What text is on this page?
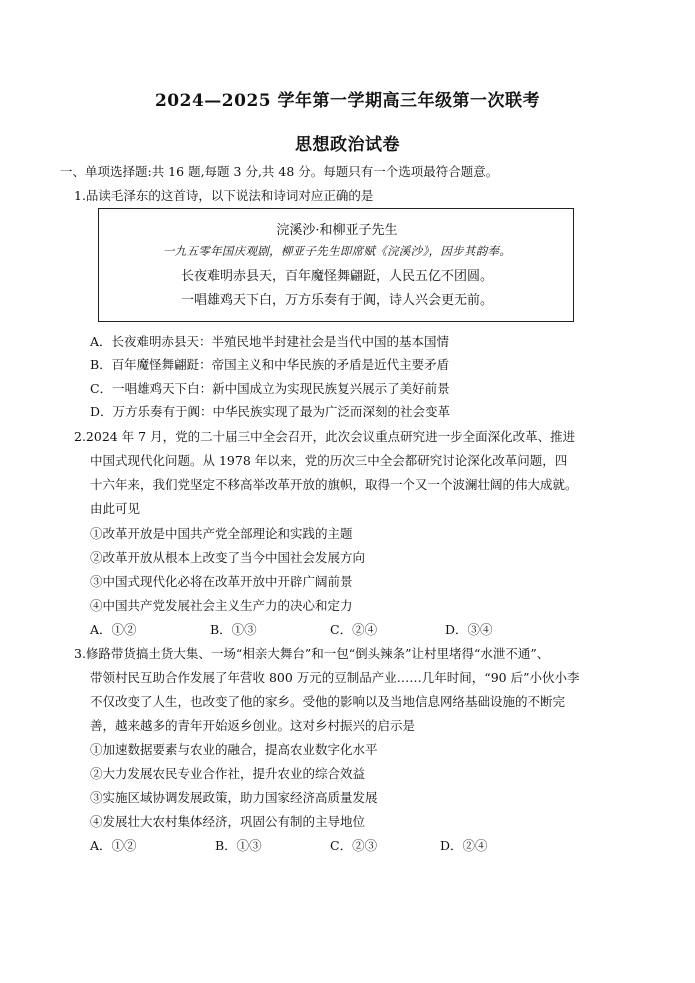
2024—2025 学年第一学期高三年级第一次联考
思想政治试卷
一、单项选择题:共 16 题,每题 3 分,共 48 分。每题只有一个选项最符合题意。
1.品读毛泽东的这首诗，以下说法和诗词对应正确的是
浣溪沙·和柳亚子先生
一九五零年国庆观剧，柳亚子先生即席赋《浣溪沙》，因步其韵奉。
长夜难明赤县天，百年魔怪舞翩跹，人民五亿不团圆。
一唱雄鸡天下白，万方乐奏有于阗，诗人兴会更无前。
A．长夜难明赤县天：半殖民地半封建社会是当代中国的基本国情
B．百年魔怪舞翩跹：帝国主义和中华民族的矛盾是近代主要矛盾
C．一唱雄鸡天下白：新中国成立为实现民族复兴展示了美好前景
D．万方乐奏有于阗：中华民族实现了最为广泛而深刻的社会变革
2.2024 年 7 月，党的二十届三中全会召开，此次会议重点研究进一步全面深化改革、推进
中国式现代化问题。从 1978 年以来，党的历次三中全会都研究讨论深化改革问题，四
十六年来，我们党坚定不移高举改革开放的旗帜，取得一个又一个波澜壮阔的伟大成就。
由此可见
①改革开放是中国共产党全部理论和实践的主题
②改革开放从根本上改变了当今中国社会发展方向
③中国式现代化必将在改革开放中开辟广阔前景
④中国共产党发展社会主义生产力的决心和定力
A．①②	B．①③	C．②④	D．③④
3.修路带货搞土货大集、一场“相亲大舞台”和一包“倒头辣条”让村里堵得“水泄不通”、
带领村民互助合作发展了年营收 800 万元的豆制品产业……几年时间，“90 后”小伙小李
不仅改变了人生，也改变了他的家乡。受他的影响以及当地信息网络基础设施的不断完
善，越来越多的青年开始返乡创业。这对乡村振兴的启示是
①加速数据要素与农业的融合，提高农业数字化水平
②大力发展农民专业合作社，提升农业的综合效益
③实施区域协调发展政策，助力国家经济高质量发展
④发展壮大农村集体经济，巩固公有制的主导地位
A．①②	B．①③	C．②③	D．②④
